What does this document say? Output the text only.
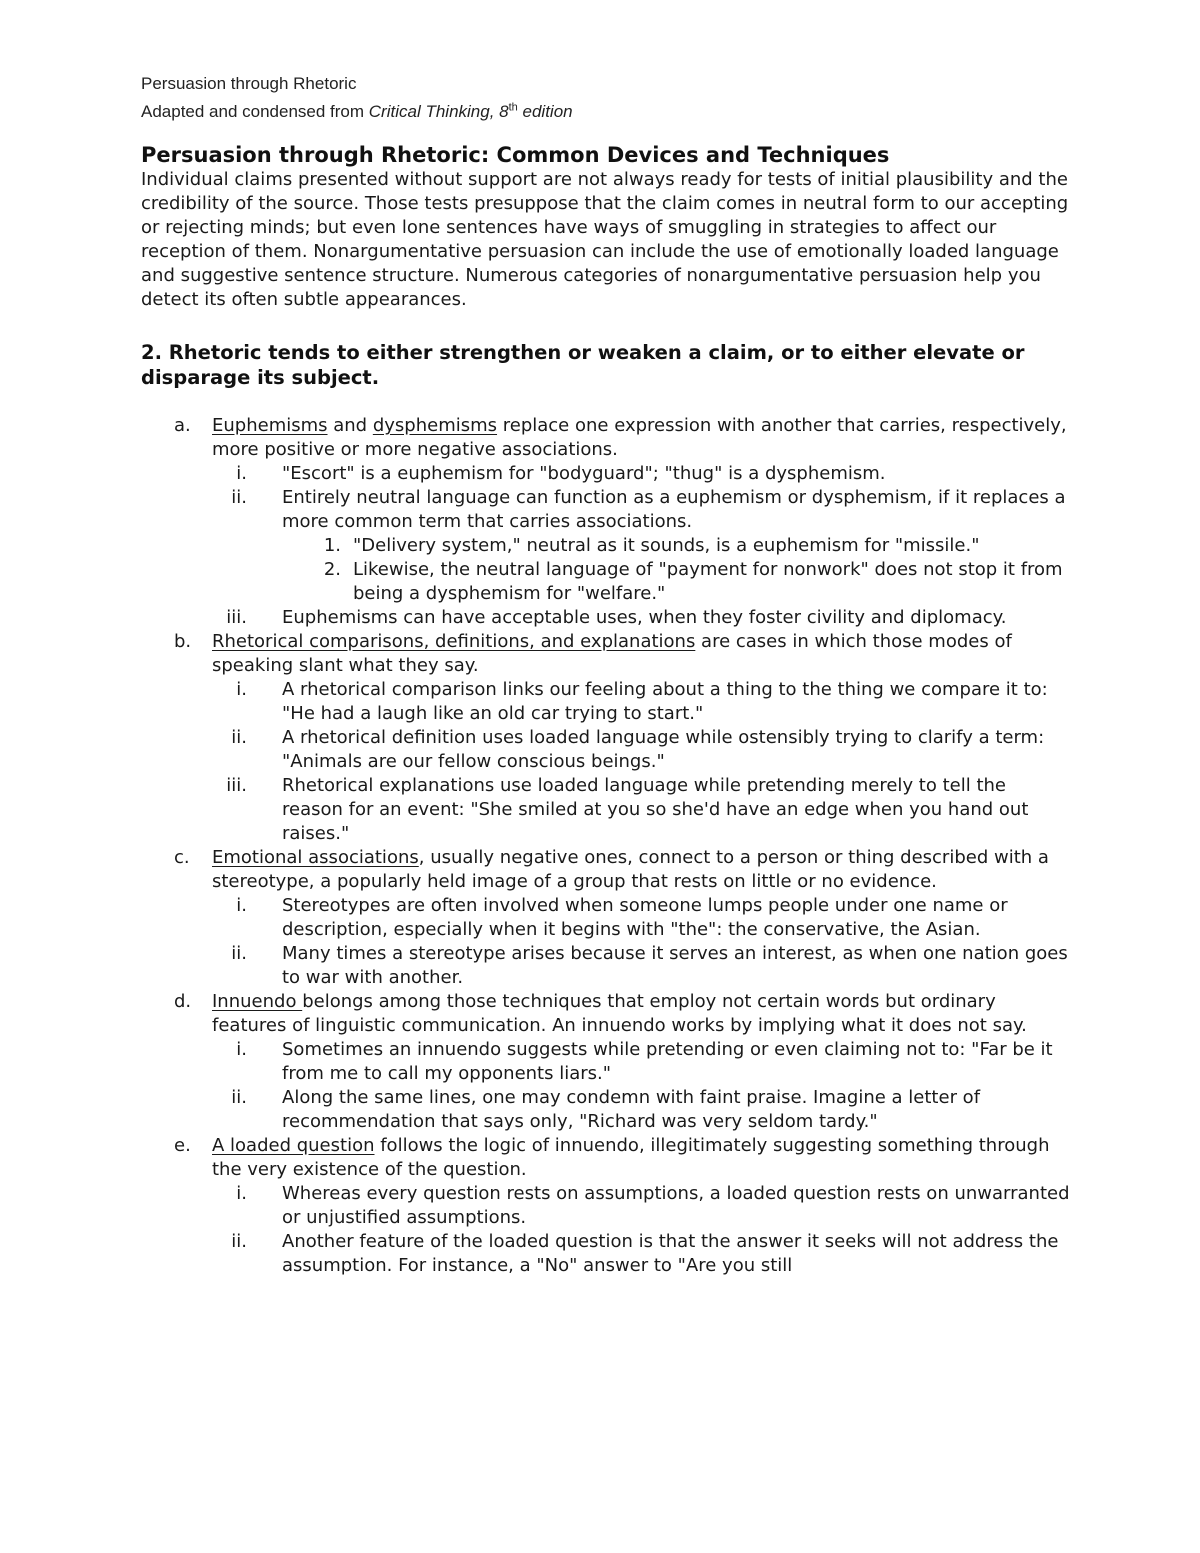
Persuasion through Rhetoric
Adapted and condensed from Critical Thinking, 8th edition
Persuasion through Rhetoric: Common Devices and Techniques

Individual claims presented without support are not always ready for tests of initial plausibility and the credibility of the source. Those tests presuppose that the claim comes in neutral form to our accepting or rejecting minds; but even lone sentences have ways of smuggling in strategies to affect our reception of them. Nonargumentative persuasion can include the use of emotionally loaded language and suggestive sentence structure. Numerous categories of nonargumentative persuasion help you detect its often subtle appearances.

2. Rhetoric tends to either strengthen or weaken a claim, or to either elevate or disparage its subject.
a. Euphemisms and dysphemisms replace one expression with another that carries, respectively, more positive or more negative associations.
i. "Escort" is a euphemism for "bodyguard"; "thug" is a dysphemism.
ii. Entirely neutral language can function as a euphemism or dysphemism, if it replaces a more common term that carries associations.
1. "Delivery system," neutral as it sounds, is a euphemism for "missile."
2. Likewise, the neutral language of "payment for nonwork" does not stop it from being a dysphemism for "welfare."
iii. Euphemisms can have acceptable uses, when they foster civility and diplomacy.
b. Rhetorical comparisons, definitions, and explanations are cases in which those modes of speaking slant what they say.
i. A rhetorical comparison links our feeling about a thing to the thing we compare it to: "He had a laugh like an old car trying to start."
ii. A rhetorical definition uses loaded language while ostensibly trying to clarify a term: "Animals are our fellow conscious beings."
iii. Rhetorical explanations use loaded language while pretending merely to tell the reason for an event: "She smiled at you so she'd have an edge when you hand out raises."
c.	Emotional associations, usually negative ones, connect to a person or thing described with a stereotype, a popularly held image of a group that rests on little or no evidence.
i. Stereotypes are often involved when someone lumps people under one name or description, especially when it begins with "the": the conservative, the Asian.
ii. Many times a stereotype arises because it serves an interest, as when one nation goes to war with another.
d. Innuendo belongs among those techniques that employ not certain words but ordinary features of linguistic communication. An innuendo works by implying what it does not say.
i. Sometimes an innuendo suggests while pretending or even claiming not to: "Far be it from me to call my opponents liars."
ii. Along the same lines, one may condemn with faint praise. Imagine a letter of recommendation that says only, "Richard was very seldom tardy."
e. A loaded question follows the logic of innuendo, illegitimately suggesting something through the very existence of the question.
i. Whereas every question rests on assumptions, a loaded question rests on unwarranted or unjustified assumptions.
ii. Another feature of the loaded question is that the answer it seeks will not address the assumption. For instance, a "No" answer to "Are you still
